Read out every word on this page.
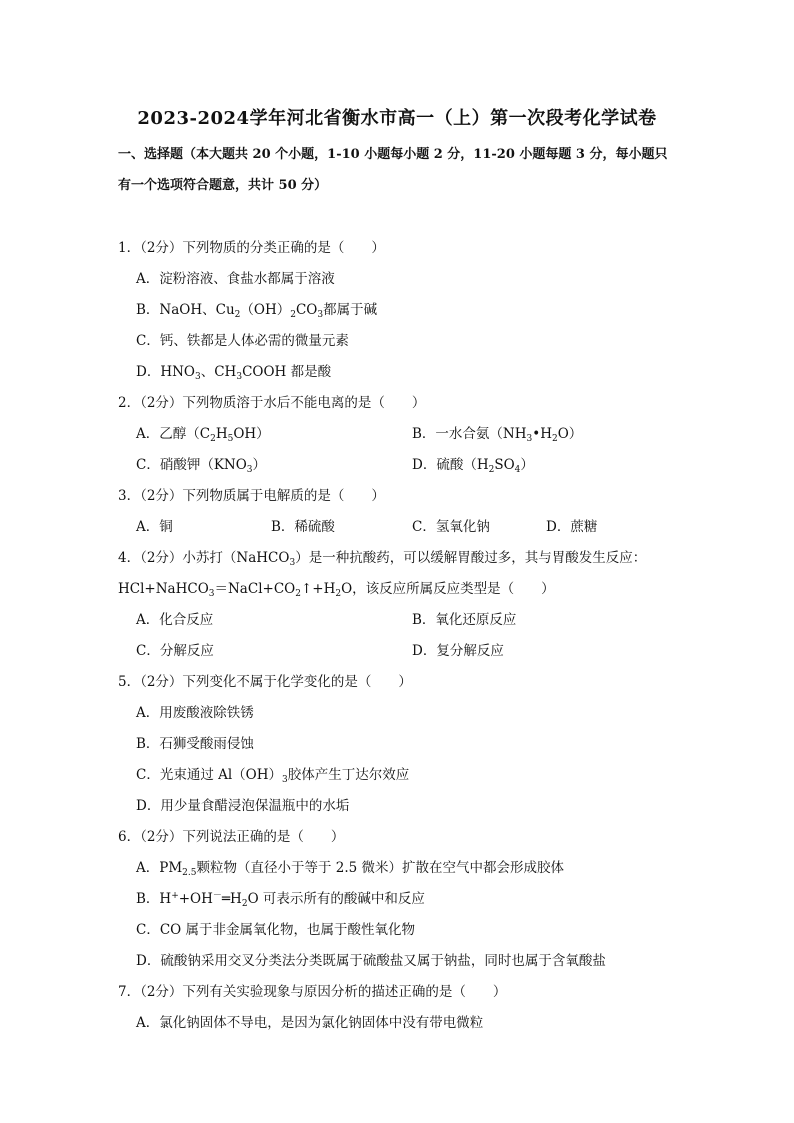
2023-2024学年河北省衡水市高一（上）第一次段考化学试卷
一、选择题（本大题共 20 个小题，1-10 小题每小题 2 分，11-20 小题每题 3 分，每小题只
有一个选项符合题意，共计 50 分）
1．（2分）下列物质的分类正确的是（　　）
A．淀粉溶液、食盐水都属于溶液
B．NaOH、$Cu_2(OH)_2CO_3$都属于碱
C．钙、铁都是人体必需的微量元素
D．$HNO_3$、$CH_3COOH$ 都是酸
2．（2分）下列物质溶于水后不能电离的是（　　）
A．乙醇$(C_2H_5OH)$	B．一水合氨$(NH_3•H_2O)$
C．硝酸钾$(KNO_3)$	D．硫酸$(H_2SO_4)$
3．（2分）下列物质属于电解质的是（　　）
A．铜	B．稀硫酸	C．氢氧化钠	D．蔗糖
4．（2分）小苏打（NaHCO$_3$）是一种抗酸药，可以缓解胃酸过多，其与胃酸发生反应：
$HCl+NaHCO_3=NaCl+CO_2↑+H_2O$，该反应所属反应类型是（　　）
A．化合反应	B．氧化还原反应
C．分解反应	D．复分解反应
5．（2分）下列变化不属于化学变化的是（　　）
A．用废酸液除铁锈
B．石狮受酸雨侵蚀
C．光束通过 $Al(OH)_3$胶体产生丁达尔效应
D．用少量食醋浸泡保温瓶中的水垢
6．（2分）下列说法正确的是（　　）
A．$PM_{2.5}$颗粒物（直径小于等于 2.5 微米）扩散在空气中都会形成胶体
B．$H^++OH^-═H_2O$ 可表示所有的酸碱中和反应
C．CO 属于非金属氧化物，也属于酸性氧化物
D．硫酸钠采用交叉分类法分类既属于硫酸盐又属于钠盐，同时也属于含氧酸盐
7．（2分）下列有关实验现象与原因分析的描述正确的是（　　）
A．氯化钠固体不导电，是因为氯化钠固体中没有带电微粒
